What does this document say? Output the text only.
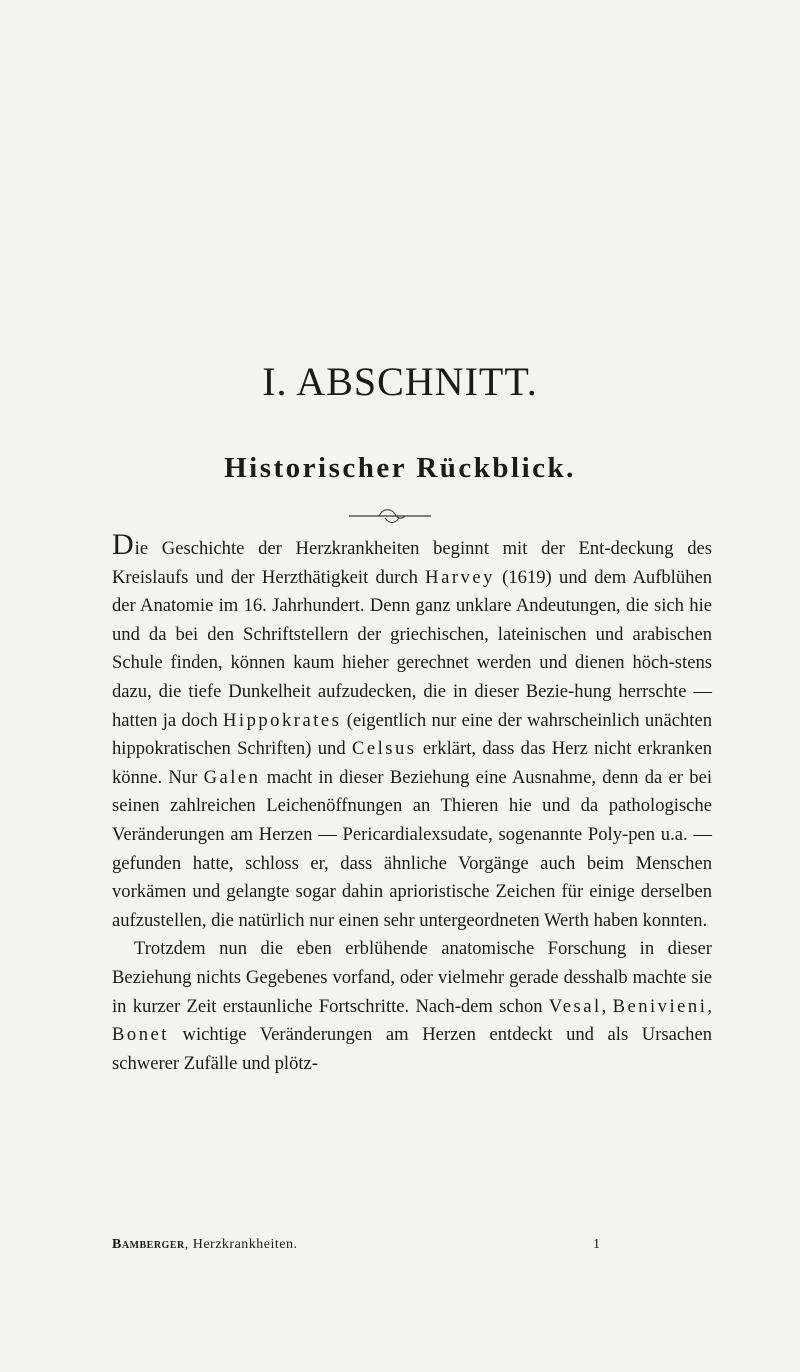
I. ABSCHNITT.
Historischer Rückblick.

Die Geschichte der Herzkrankheiten beginnt mit der Ent-deckung des Kreislaufs und der Herzthätigkeit durch Harvey (1619) und dem Aufblühen der Anatomie im 16. Jahrhundert. Denn ganz unklare Andeutungen, die sich hie und da bei den Schriftstellern der griechischen, lateinischen und arabischen Schule finden, können kaum hieher gerechnet werden und dienen höch-stens dazu, die tiefe Dunkelheit aufzudecken, die in dieser Bezie-hung herrschte — hatten ja doch Hippokrates (eigentlich nur eine der wahrscheinlich unächten hippokratischen Schriften) und Celsus erklärt, dass das Herz nicht erkranken könne. Nur Galen macht in dieser Beziehung eine Ausnahme, denn da er bei seinen zahlreichen Leichenöffnungen an Thieren hie und da pathologische Veränderungen am Herzen — Pericardialexsudate, sogenannte Poly-pen u.a. — gefunden hatte, schloss er, dass ähnliche Vorgänge auch beim Menschen vorkämen und gelangte sogar dahin aprioristische Zeichen für einige derselben aufzustellen, die natürlich nur einen sehr untergeordneten Werth haben konnten.

Trotzdem nun die eben erblühende anatomische Forschung in dieser Beziehung nichts Gegebenes vorfand, oder vielmehr gerade desshalb machte sie in kurzer Zeit erstaunliche Fortschritte. Nach-dem schon Vesal, Benivieni, Bonet wichtige Veränderungen am Herzen entdeckt und als Ursachen schwerer Zufälle und plötz-

Bamberger, Herzkrankheiten.	1
